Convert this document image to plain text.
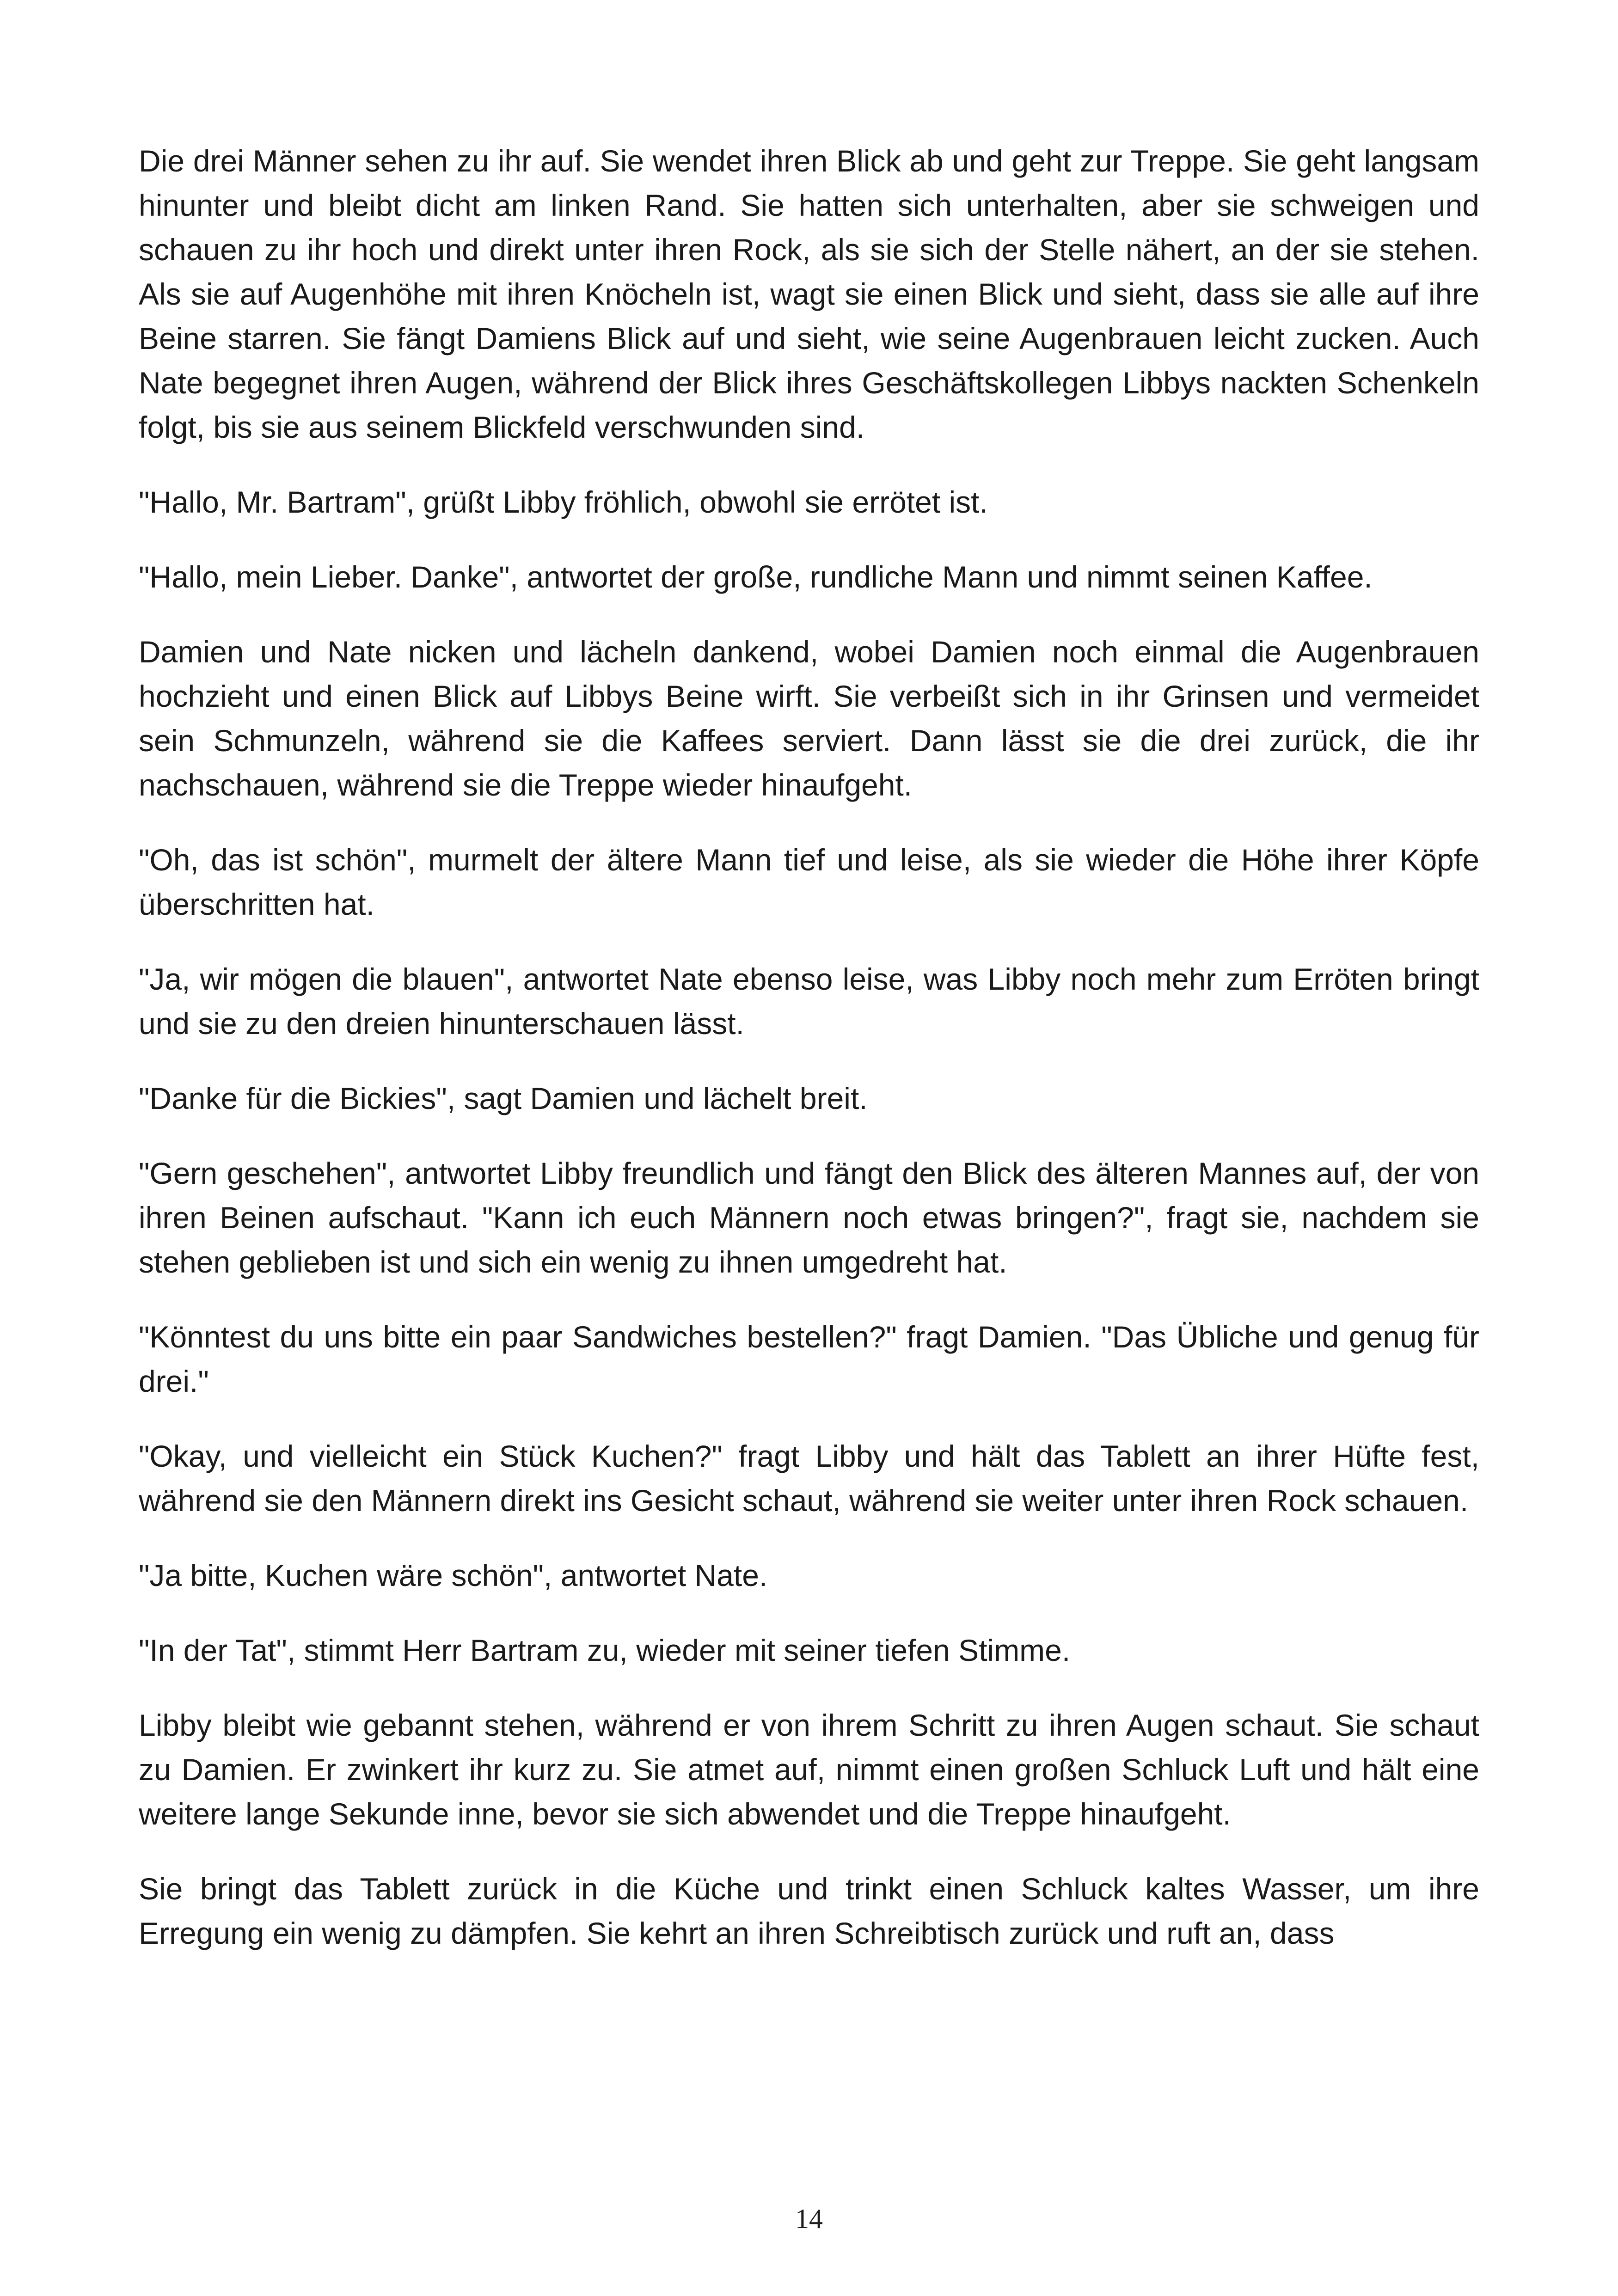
Die drei Männer sehen zu ihr auf. Sie wendet ihren Blick ab und geht zur Treppe. Sie geht langsam hinunter und bleibt dicht am linken Rand. Sie hatten sich unterhalten, aber sie schweigen und schauen zu ihr hoch und direkt unter ihren Rock, als sie sich der Stelle nähert, an der sie stehen. Als sie auf Augenhöhe mit ihren Knöcheln ist, wagt sie einen Blick und sieht, dass sie alle auf ihre Beine starren. Sie fängt Damiens Blick auf und sieht, wie seine Augenbrauen leicht zucken. Auch Nate begegnet ihren Augen, während der Blick ihres Geschäftskollegen Libbys nackten Schenkeln folgt, bis sie aus seinem Blickfeld verschwunden sind.

"Hallo, Mr. Bartram", grüßt Libby fröhlich, obwohl sie errötet ist.

"Hallo, mein Lieber. Danke", antwortet der große, rundliche Mann und nimmt seinen Kaffee.

Damien und Nate nicken und lächeln dankend, wobei Damien noch einmal die Augenbrauen hochzieht und einen Blick auf Libbys Beine wirft. Sie verbeißt sich in ihr Grinsen und vermeidet sein Schmunzeln, während sie die Kaffees serviert. Dann lässt sie die drei zurück, die ihr nachschauen, während sie die Treppe wieder hinaufgeht.

"Oh, das ist schön", murmelt der ältere Mann tief und leise, als sie wieder die Höhe ihrer Köpfe überschritten hat.

"Ja, wir mögen die blauen", antwortet Nate ebenso leise, was Libby noch mehr zum Erröten bringt und sie zu den dreien hinunterschauen lässt.

"Danke für die Bickies", sagt Damien und lächelt breit.

"Gern geschehen", antwortet Libby freundlich und fängt den Blick des älteren Mannes auf, der von ihren Beinen aufschaut. "Kann ich euch Männern noch etwas bringen?", fragt sie, nachdem sie stehen geblieben ist und sich ein wenig zu ihnen umgedreht hat.

"Könntest du uns bitte ein paar Sandwiches bestellen?" fragt Damien. "Das Übliche und genug für drei."

"Okay, und vielleicht ein Stück Kuchen?" fragt Libby und hält das Tablett an ihrer Hüfte fest, während sie den Männern direkt ins Gesicht schaut, während sie weiter unter ihren Rock schauen.

"Ja bitte, Kuchen wäre schön", antwortet Nate.

"In der Tat", stimmt Herr Bartram zu, wieder mit seiner tiefen Stimme.

Libby bleibt wie gebannt stehen, während er von ihrem Schritt zu ihren Augen schaut. Sie schaut zu Damien. Er zwinkert ihr kurz zu. Sie atmet auf, nimmt einen großen Schluck Luft und hält eine weitere lange Sekunde inne, bevor sie sich abwendet und die Treppe hinaufgeht.

Sie bringt das Tablett zurück in die Küche und trinkt einen Schluck kaltes Wasser, um ihre Erregung ein wenig zu dämpfen. Sie kehrt an ihren Schreibtisch zurück und ruft an, dass

14
